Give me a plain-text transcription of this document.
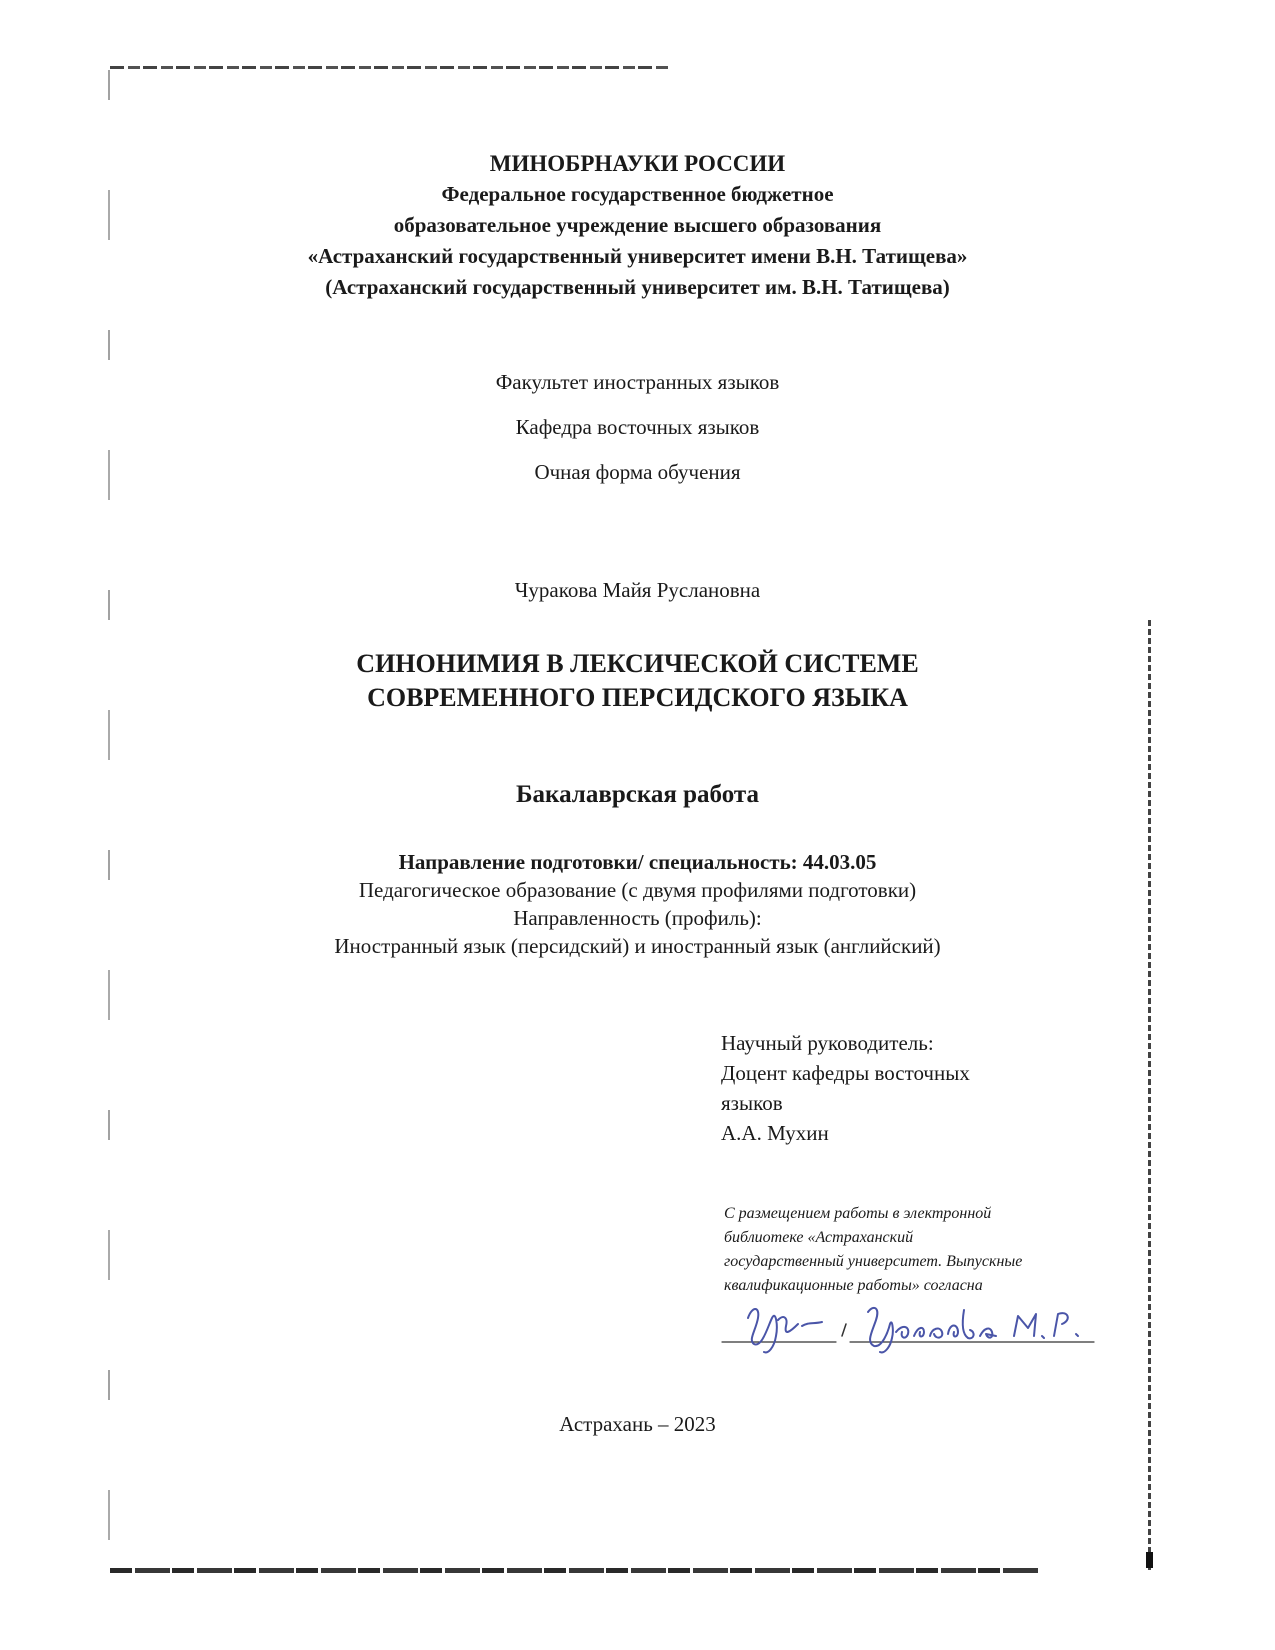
МИНОБРНАУКИ РОССИИ
Федеральное государственное бюджетное
образовательное учреждение высшего образования
«Астраханский государственный университет имени В.Н. Татищева»
(Астраханский государственный университет им. В.Н. Татищева)
Факультет иностранных языков
Кафедра восточных языков
Очная форма обучения
Чуракова Майя Руслановна
СИНОНИМИЯ В ЛЕКСИЧЕСКОЙ СИСТЕМЕ
СОВРЕМЕННОГО ПЕРСИДСКОГО ЯЗЫКА
Бакалаврская работа
Направление подготовки/ специальность: 44.03.05
Педагогическое образование (с двумя профилями подготовки)
Направленность (профиль):
Иностранный язык (персидский) и иностранный язык (английский)
Научный руководитель:
Доцент кафедры восточных
языков
А.А. Мухин
С размещением работы в электронной
библиотеке «Астраханский
государственный университет. Выпускные
квалификационные работы» согласна
Астрахань – 2023
